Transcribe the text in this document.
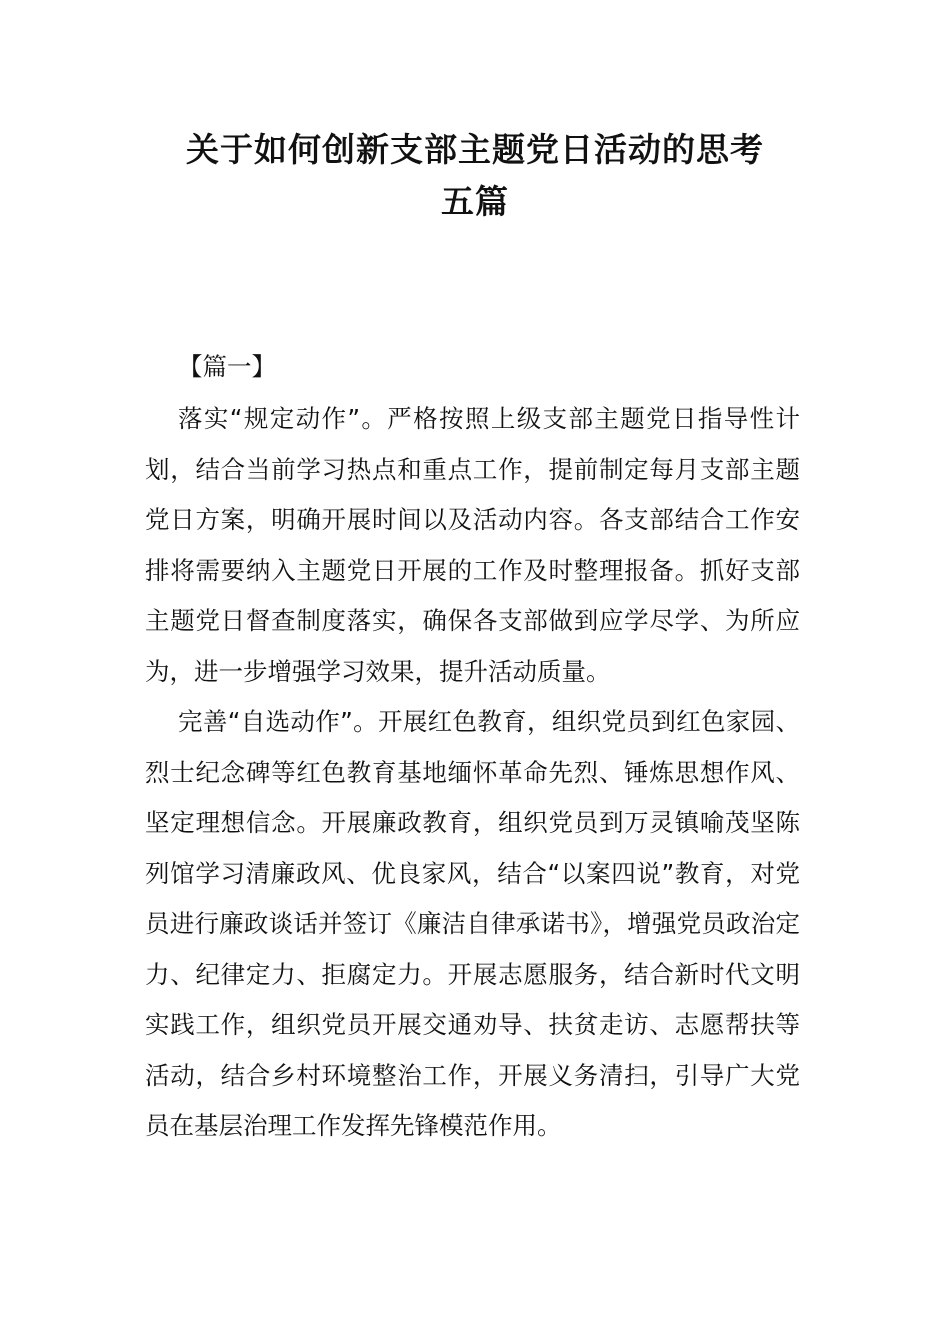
关于如何创新支部主题党日活动的思考
五篇

【篇一】

落实“规定动作”。严格按照上级支部主题党日指导性计划，结合当前学习热点和重点工作，提前制定每月支部主题党日方案，明确开展时间以及活动内容。各支部结合工作安排将需要纳入主题党日开展的工作及时整理报备。抓好支部主题党日督查制度落实，确保各支部做到应学尽学、为所应为，进一步增强学习效果，提升活动质量。

完善“自选动作”。开展红色教育，组织党员到红色家园、烈士纪念碑等红色教育基地缅怀革命先烈、锤炼思想作风、坚定理想信念。开展廉政教育，组织党员到万灵镇喻茂坚陈列馆学习清廉政风、优良家风，结合“以案四说”教育，对党员进行廉政谈话并签订《廉洁自律承诺书》，增强党员政治定力、纪律定力、拒腐定力。开展志愿服务，结合新时代文明实践工作，组织党员开展交通劝导、扶贫走访、志愿帮扶等活动，结合乡村环境整治工作，开展义务清扫，引导广大党员在基层治理工作发挥先锋模范作用。
